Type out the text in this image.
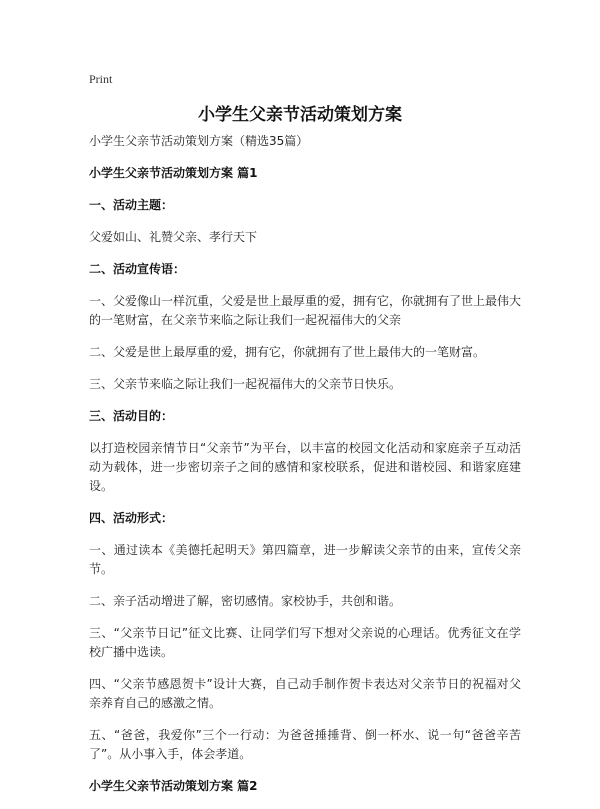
Print
小学生父亲节活动策划方案

小学生父亲节活动策划方案（精选35篇）

小学生父亲节活动策划方案 篇1

一、活动主题：

父爱如山、礼赞父亲、孝行天下

二、活动宣传语：

一、父爱像山一样沉重，父爱是世上最厚重的爱，拥有它，你就拥有了世上最伟大的一笔财富，在父亲节来临之际让我们一起祝福伟大的父亲

二、父爱是世上最厚重的爱，拥有它，你就拥有了世上最伟大的一笔财富。

三、父亲节来临之际让我们一起祝福伟大的父亲节日快乐。

三、活动目的：

以打造校园亲情节日“父亲节”为平台，以丰富的校园文化活动和家庭亲子互动活动为载体，进一步密切亲子之间的感情和家校联系，促进和谐校园、和谐家庭建设。

四、活动形式：

一、通过读本《美德托起明天》第四篇章，进一步解读父亲节的由来，宣传父亲节。

二、亲子活动增进了解，密切感情。家校协手，共创和谐。

三、“父亲节日记”征文比赛、让同学们写下想对父亲说的心理话。优秀征文在学校广播中选读。

四、“父亲节感恩贺卡”设计大赛，自己动手制作贺卡表达对父亲节日的祝福对父亲养育自己的感激之情。

五、“爸爸，我爱你”三个一行动：为爸爸捶捶背、倒一杯水、说一句“爸爸辛苦了”。从小事入手，体会孝道。

小学生父亲节活动策划方案 篇2
